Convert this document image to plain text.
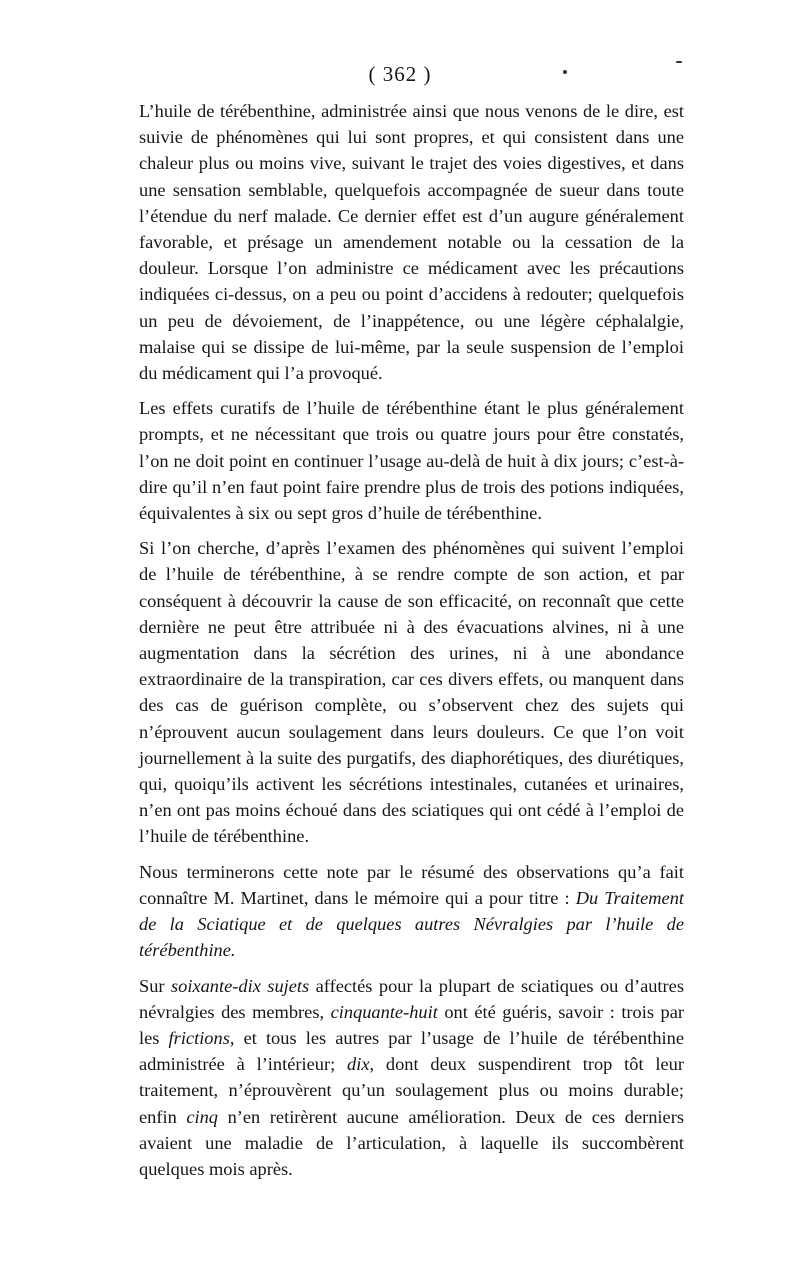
( 362 )

L’huile de térébenthine, administrée ainsi que nous venons de le dire, est suivie de phénomènes qui lui sont propres, et qui consistent dans une chaleur plus ou moins vive, suivant le trajet des voies digestives, et dans une sensation semblable, quelquefois accompagnée de sueur dans toute l’étendue du nerf malade. Ce dernier effet est d’un augure généralement favorable, et présage un amendement notable ou la cessation de la douleur. Lorsque l’on administre ce médicament avec les précautions indiquées ci-dessus, on a peu ou point d’accidens à redouter; quelquefois un peu de dévoiement, de l’inappétence, ou une légère céphalalgie, malaise qui se dissipe de lui-même, par la seule suspension de l’emploi du médicament qui l’a provoqué.

Les effets curatifs de l’huile de térébenthine étant le plus généralement prompts, et ne nécessitant que trois ou quatre jours pour être constatés, l’on ne doit point en continuer l’usage au-delà de huit à dix jours; c’est-à-dire qu’il n’en faut point faire prendre plus de trois des potions indiquées, équivalentes à six ou sept gros d’huile de térébenthine.

Si l’on cherche, d’après l’examen des phénomènes qui suivent l’emploi de l’huile de térébenthine, à se rendre compte de son action, et par conséquent à découvrir la cause de son efficacité, on reconnaît que cette dernière ne peut être attribuée ni à des évacuations alvines, ni à une augmentation dans la sécrétion des urines, ni à une abondance extraordinaire de la transpiration, car ces divers effets, ou manquent dans des cas de guérison complète, ou s’observent chez des sujets qui n’éprouvent aucun soulagement dans leurs douleurs. Ce que l’on voit journellement à la suite des purgatifs, des diaphorétiques, des diurétiques, qui, quoiqu’ils activent les sécrétions intestinales, cutanées et urinaires, n’en ont pas moins échoué dans des sciatiques qui ont cédé à l’emploi de l’huile de térébenthine.

Nous terminerons cette note par le résumé des observations qu’a fait connaître M. Martinet, dans le mémoire qui a pour titre : Du Traitement de la Sciatique et de quelques autres Névralgies par l’huile de térébenthine.

Sur soixante-dix sujets affectés pour la plupart de sciatiques ou d’autres névralgies des membres, cinquante-huit ont été guéris, savoir : trois par les frictions, et tous les autres par l’usage de l’huile de térébenthine administrée à l’intérieur; dix, dont deux suspendirent trop tôt leur traitement, n’éprouvèrent qu’un soulagement plus ou moins durable; enfin cinq n’en retirèrent aucune amélioration. Deux de ces derniers avaient une maladie de l’articulation, à laquelle ils succombèrent quelques mois après.
